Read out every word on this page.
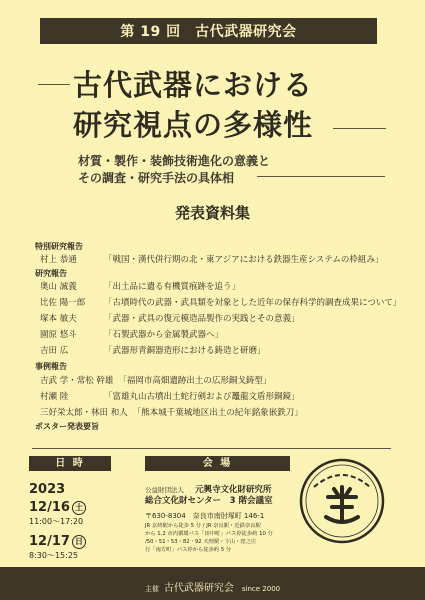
第 19 回　古代武器研究会
古代武器における
研究視点の多様性
材質・製作・装飾技術進化の意義と
その調査・研究手法の具体相
発表資料集
特別研究報告
村上 恭通	「戦国・漢代併行期の北・東アジアにおける鉄器生産システムの枠組み」
研究報告
奥山 誠義	「出土品に遺る有機質痕跡を追う」
比佐 陽一郎 「古墳時代の武器・武具類を対象とした近年の保存科学的調査成果について」
塚本 敏夫	「武器・武具の復元模造品製作の実践とその意義」
園原 悠斗	「石製武器から金属製武器へ」
吉田 広	「武器形青銅器造形における鋳造と研磨」
事例報告
吉武 学・常松 幹雄 「福岡市高畑遺跡出土の広形銅戈鋳型」
村瀬 陸	「富雄丸山古墳出土蛇行剣および鼉龍文盾形銅鏡」
三好栄太郎・林田 和人 「熊本城千葉城地区出土の紀年銘象嵌鉄刀」
ポスター発表要旨
日 時	会 場
2023
12/16 土
11:00～17:20
12/17 日
8:30～15:25
公益財団法人 元興寺文化財研究所
総合文化財センター　3 階会議室
〒630-8304　奈良市南肘塚町 146-1
JR 京終駅から徒歩 5 分 / JR 奈良駅・近鉄奈良駅
から 1,2 市内循環バス「田中町」バス停徒歩約 10 分
/50・51・53・82・92 天理駅・下山・窪之庄
行「南方町」バス停から徒歩約 5 分
主催 古代武器研究会 since 2000
